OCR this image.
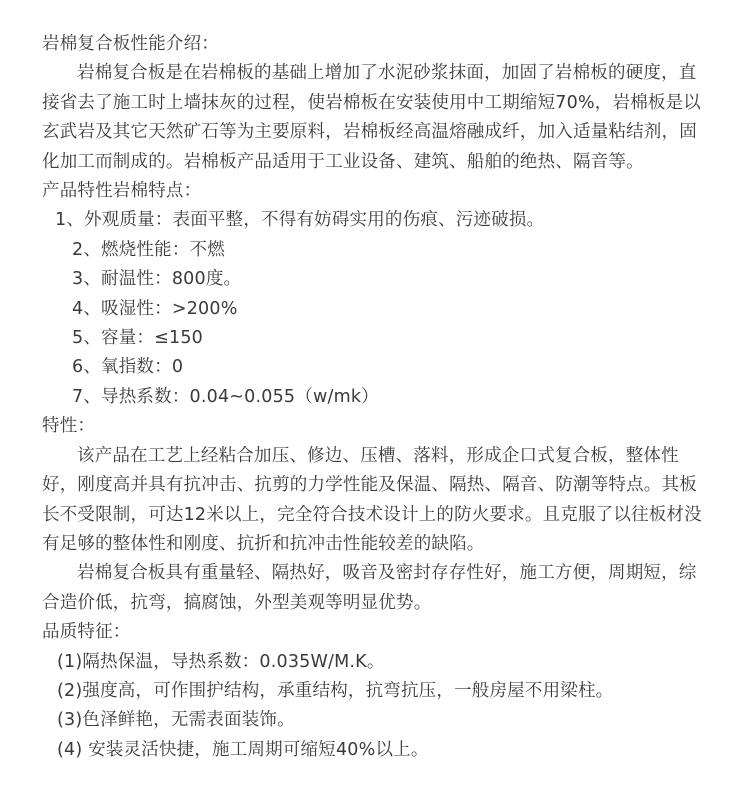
岩棉复合板性能介绍：

岩棉复合板是在岩棉板的基础上增加了水泥砂浆抹面，加固了岩棉板的硬度，直接省去了施工时上墙抹灰的过程，使岩棉板在安装使用中工期缩短70%，岩棉板是以玄武岩及其它天然矿石等为主要原料，岩棉板经高温熔融成纤，加入适量粘结剂，固化加工而制成的。岩棉板产品适用于工业设备、建筑、船舶的绝热、隔音等。

产品特性岩棉特点：
1、外观质量：表面平整，不得有妨碍实用的伤痕、污迹破损。
2、燃烧性能：不燃
3、耐温性：800度。
4、吸湿性：>200%
5、容量：≤150
6、氧指数：0
7、导热系数：0.04~0.055（w/mk）
特性：

该产品在工艺上经粘合加压、修边、压槽、落料，形成企口式复合板，整体性好，刚度高并具有抗冲击、抗剪的力学性能及保温、隔热、隔音、防潮等特点。其板长不受限制，可达12米以上，完全符合技术设计上的防火要求。且克服了以往板材没有足够的整体性和刚度、抗折和抗冲击性能较差的缺陷。

岩棉复合板具有重量轻、隔热好，吸音及密封存存性好，施工方便，周期短，综合造价低，抗弯，搞腐蚀，外型美观等明显优势。

品质特征：
(1)隔热保温，导热系数：0.035W/M.K。
(2)强度高，可作围护结构，承重结构，抗弯抗压，一般房屋不用梁柱。
(3)色泽鲜艳，无需表面装饰。
(4) 安装灵活快捷，施工周期可缩短40%以上。
